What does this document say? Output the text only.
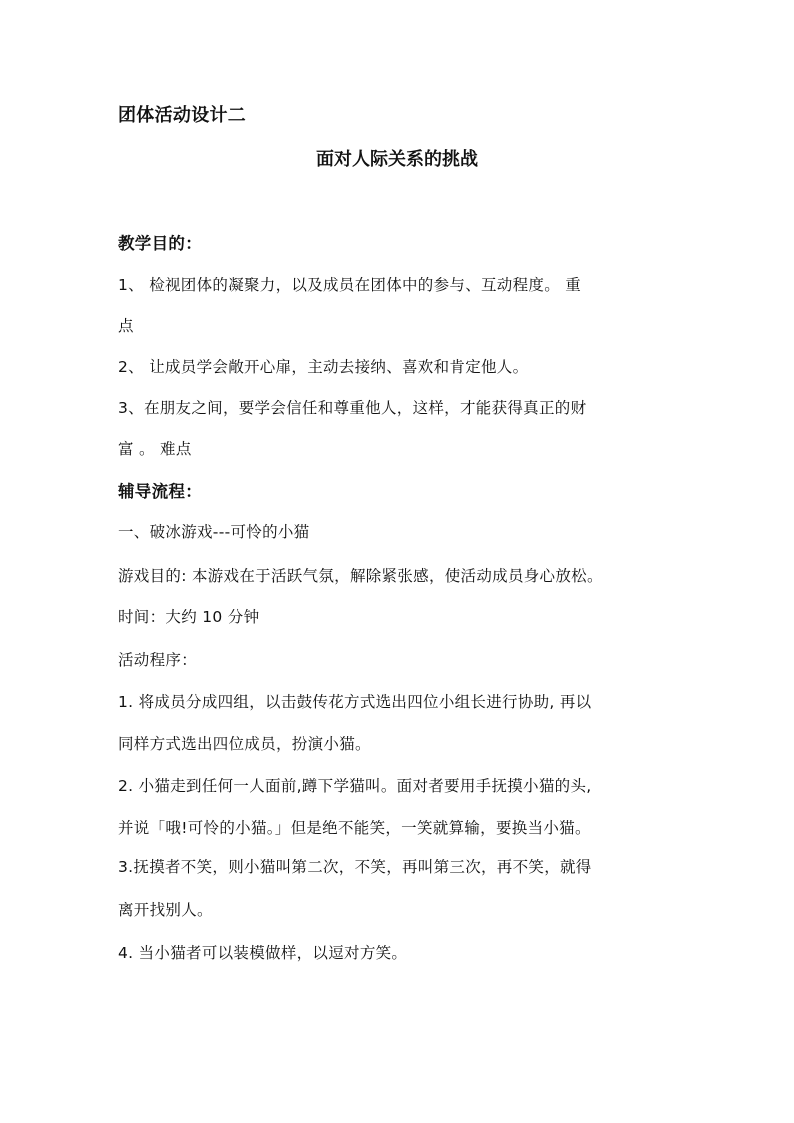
团体活动设计二
面对人际关系的挑战
教学目的：
1、 检视团体的凝聚力，以及成员在团体中的参与、互动程度。 重
点
2、 让成员学会敞开心扉，主动去接纳、喜欢和肯定他人。
3、在朋友之间，要学会信任和尊重他人，这样，才能获得真正的财
富 。 难点
辅导流程：
一、破冰游戏---可怜的小猫
游戏目的: 本游戏在于活跃气氛，解除紧张感，使活动成员身心放松。
时间：大约 10 分钟
活动程序：
1. 将成员分成四组，以击鼓传花方式选出四位小组长进行协助, 再以
同样方式选出四位成员，扮演小猫。
2. 小猫走到任何一人面前,蹲下学猫叫。面对者要用手抚摸小猫的头,
并说「哦!可怜的小猫。」但是绝不能笑，一笑就算输，要换当小猫。
3.抚摸者不笑，则小猫叫第二次，不笑，再叫第三次，再不笑，就得
离开找别人。
4. 当小猫者可以装模做样，以逗对方笑。
